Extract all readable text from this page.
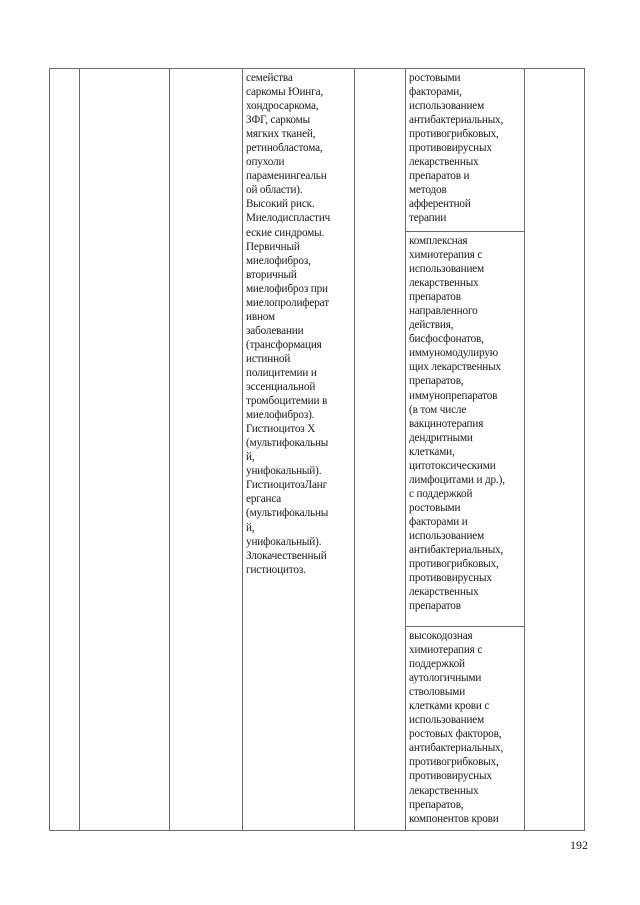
семейства
саркомы Юинга,
хондросаркома,
ЗФГ, саркомы
мягких тканей,
ретинобластома,
опухоли
параменингеальн
ой области).
Высокий риск.
Миелодиспластич
еские синдромы.
Первичный
миелофиброз,
вторичный
миелофиброз при
миелопролиферат
ивном
заболевании
(трансформация
истинной
полицитемии и
эссенциальной
тромбоцитемии в
миелофиброз).
Гистиоцитоз Х
(мультифокальны
й,
унифокальный).
ГистиоцитозЛанг
ерганса
(мультифокальны
й,
унифокальный).
Злокачественный
гистиоцитоз.
ростовыми
факторами,
использованием
антибактериальных,
противогрибковых,
противовирусных
лекарственных
препаратов и
методов
афферентной
терапии
комплексная
химиотерапия с
использованием
лекарственных
препаратов
направленного
действия,
бисфосфонатов,
иммуномодулирую
щих лекарственных
препаратов,
иммунопрепаратов
(в том числе
вакцинотерапия
дендритными
клетками,
цитотоксическими
лимфоцитами и др.),
с поддержкой
ростовыми
факторами и
использованием
антибактериальных,
противогрибковых,
противовирусных
лекарственных
препаратов
высокодозная
химиотерапия с
поддержкой
аутологичными
стволовыми
клетками крови с
использованием
ростовых факторов,
антибактериальных,
противогрибковых,
противовирусных
лекарственных
препаратов,
компонентов крови
192
